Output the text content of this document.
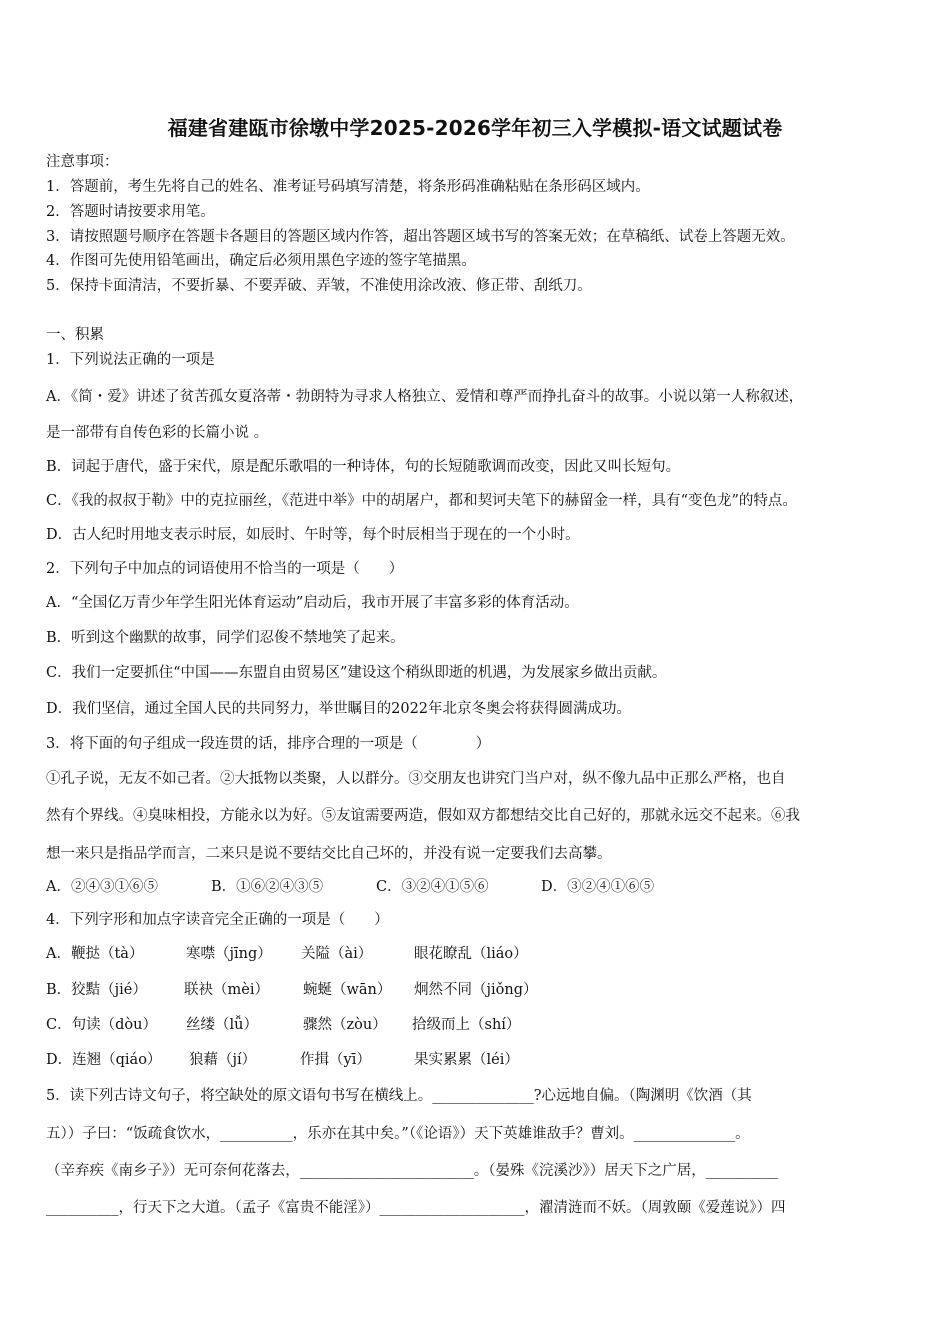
福建省建瓯市徐墩中学2025-2026学年初三入学模拟-语文试题试卷
注意事项：
1．答题前，考生先将自己的姓名、准考证号码填写清楚，将条形码准确粘贴在条形码区域内。
2．答题时请按要求用笔。
3．请按照题号顺序在答题卡各题目的答题区域内作答，超出答题区域书写的答案无效；在草稿纸、试卷上答题无效。
4．作图可先使用铅笔画出，确定后必须用黑色字迹的签字笔描黑。
5．保持卡面清洁，不要折暴、不要弄破、弄皱，不准使用涂改液、修正带、刮纸刀。
一、积累
1．下列说法正确的一项是
A．《简・爱》讲述了贫苦孤女夏洛蒂・勃朗特为寻求人格独立、爱情和尊严而挣扎奋斗的故事。小说以第一人称叙述，
是一部带有自传色彩的长篇小说 。
B．词起于唐代，盛于宋代，原是配乐歌唱的一种诗体，句的长短随歌调而改变，因此又叫长短句。
C．《我的叔叔于勒》中的克拉丽丝，《范进中举》中的胡屠户，都和契诃夫笔下的赫留金一样，具有“变色龙”的特点。
D．古人纪时用地支表示时辰，如辰时、午时等，每个时辰相当于现在的一个小时。
2．下列句子中加点的词语使用不恰当的一项是（　　）
A．“全国亿万青少年学生阳光体育运动”启动后，我市开展了丰富多彩的体育活动。
B．听到这个幽默的故事，同学们忍俊不禁地笑了起来。
C．我们一定要抓住“中国——东盟自由贸易区”建设这个稍纵即逝的机遇，为发展家乡做出贡献。
D．我们坚信，通过全国人民的共同努力，举世瞩目的2022年北京冬奥会将获得圆满成功。
3．将下面的句子组成一段连贯的话，排序合理的一项是（　　　　）
①孔子说，无友不如己者。②大抵物以类聚，人以群分。③交朋友也讲究门当户对，纵不像九品中正那么严格，也自
然有个界线。④臭味相投，方能永以为好。⑤友谊需要两造，假如双方都想结交比自己好的，那就永远交不起来。⑥我
想一来只是指品学而言，二来只是说不要结交比自己坏的，并没有说一定要我们去高攀。
A．②④③①⑥⑤	B．①⑥②④③⑤	C．③②④①⑤⑥	D．③②④①⑥⑤
4．下列字形和加点字读音完全正确的一项是（　　）
A．鞭挞（tà）	寒噤（jīng） 关隘（ài）	眼花瞭乱（liáo）
B．狡黠（jié）	联袂（mèi） 蜿蜒（wān） 炯然不同（jiǒng）
C．句读（dòu） 丝缕（lǚ）	骤然（zòu） 拾级而上（shí）
D．连翘（qiáo） 狼藉（jí）	作揖（yī）	果实累累（léi）
5．读下列古诗文句子，将空缺处的原文语句书写在横线上。______________?心远地自偏。（陶渊明《饮酒（其
五））子曰：“饭疏食饮水，__________，乐亦在其中矣。”（《论语》）天下英雄谁敌手？曹刘。______________。
（辛弃疾《南乡子》）无可奈何花落去，________________________。（晏殊《浣溪沙》）居天下之广居，__________
__________，行天下之大道。（孟子《富贵不能淫》）____________________，濯清涟而不妖。（周敦颐《爱莲说》）四
